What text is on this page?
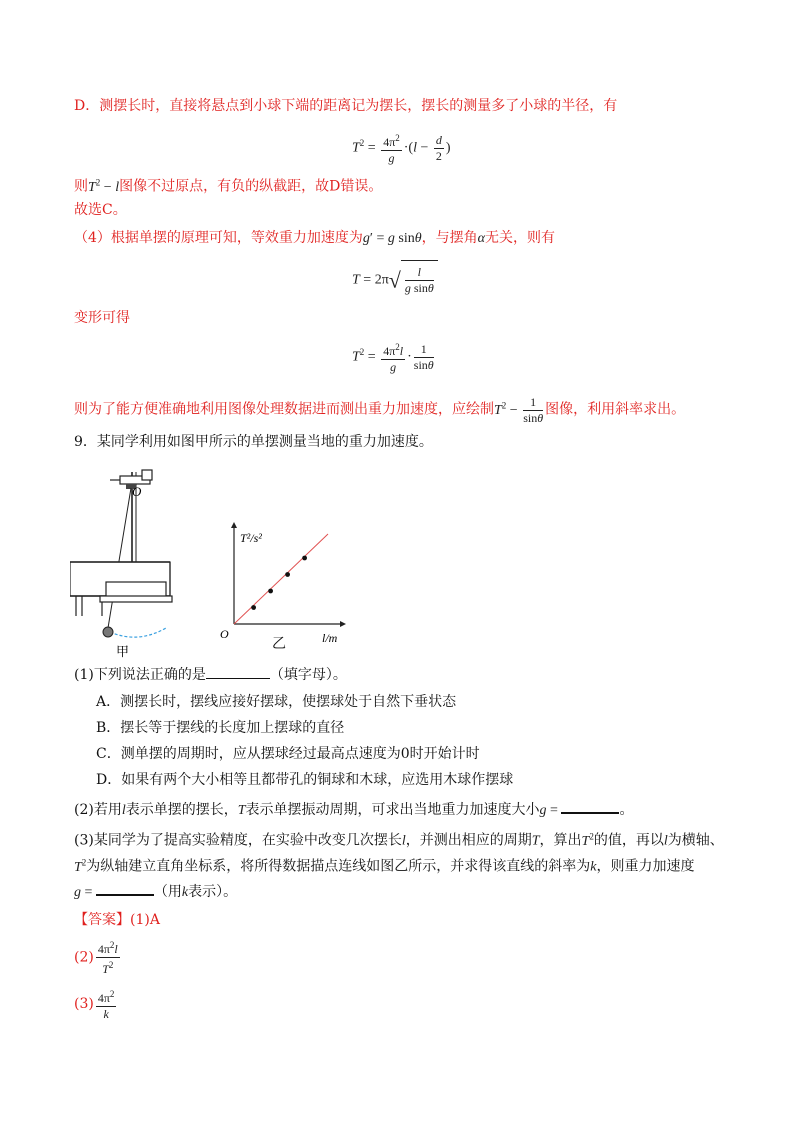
D．测摆长时，直接将悬点到小球下端的距离记为摆长，摆长的测量多了小球的半径，有
$T^2 = \frac{4\pi^2}{g} \cdot(l - \frac{d}{2}$ )
则$T^2 - l$图像不过原点，有负的纵截距，故D错误。
故选C。
（4）根据单摆的原理可知，等效重力加速度为g′ = g sinθ，与摆角α无关，则有
$T = 2\pi√ \frac{l}{\text{g sinθ}}$
变形可得
$T^2 = \frac{4\pi^2l}{g} \cdot \frac{1}{\sin\theta}$
则为了能方便准确地利用图像处理数据进而测出重力加速度，应绘制$T^2 - \frac{1}{\sin\theta}$ 图像，利用斜率求出。
9．某同学利用如图甲所示的单摆测量当地的重力加速度。
O
甲
T²/s²
O	l/m
乙
(1)下列说法正确的是	（填字母）。
A．测摆长时，摆线应接好摆球，使摆球处于自然下垂状态
B．摆长等于摆线的长度加上摆球的直径
C．测单摆的周期时，应从摆球经过最高点速度为0时开始计时
D．如果有两个大小相等且都带孔的铜球和木球，应选用木球作摆球
(2)若用l表示单摆的摆长，T表示单摆振动周期，可求出当地重力加速度大小g =	。
(3)某同学为了提高实验精度，在实验中改变几次摆长l，并测出相应的周期T，算出$T^2$的值，再以l为横轴、
$T^2$为纵轴建立直角坐标系，将所得数据描点连线如图乙所示，并求得该直线的斜率为k，则重力加速度
g =	（用k表示）。
【答案】(1)A
$(2) \frac{4\pi^2l}{T^2}$
$(3) \frac{4\pi^2}{k}$
